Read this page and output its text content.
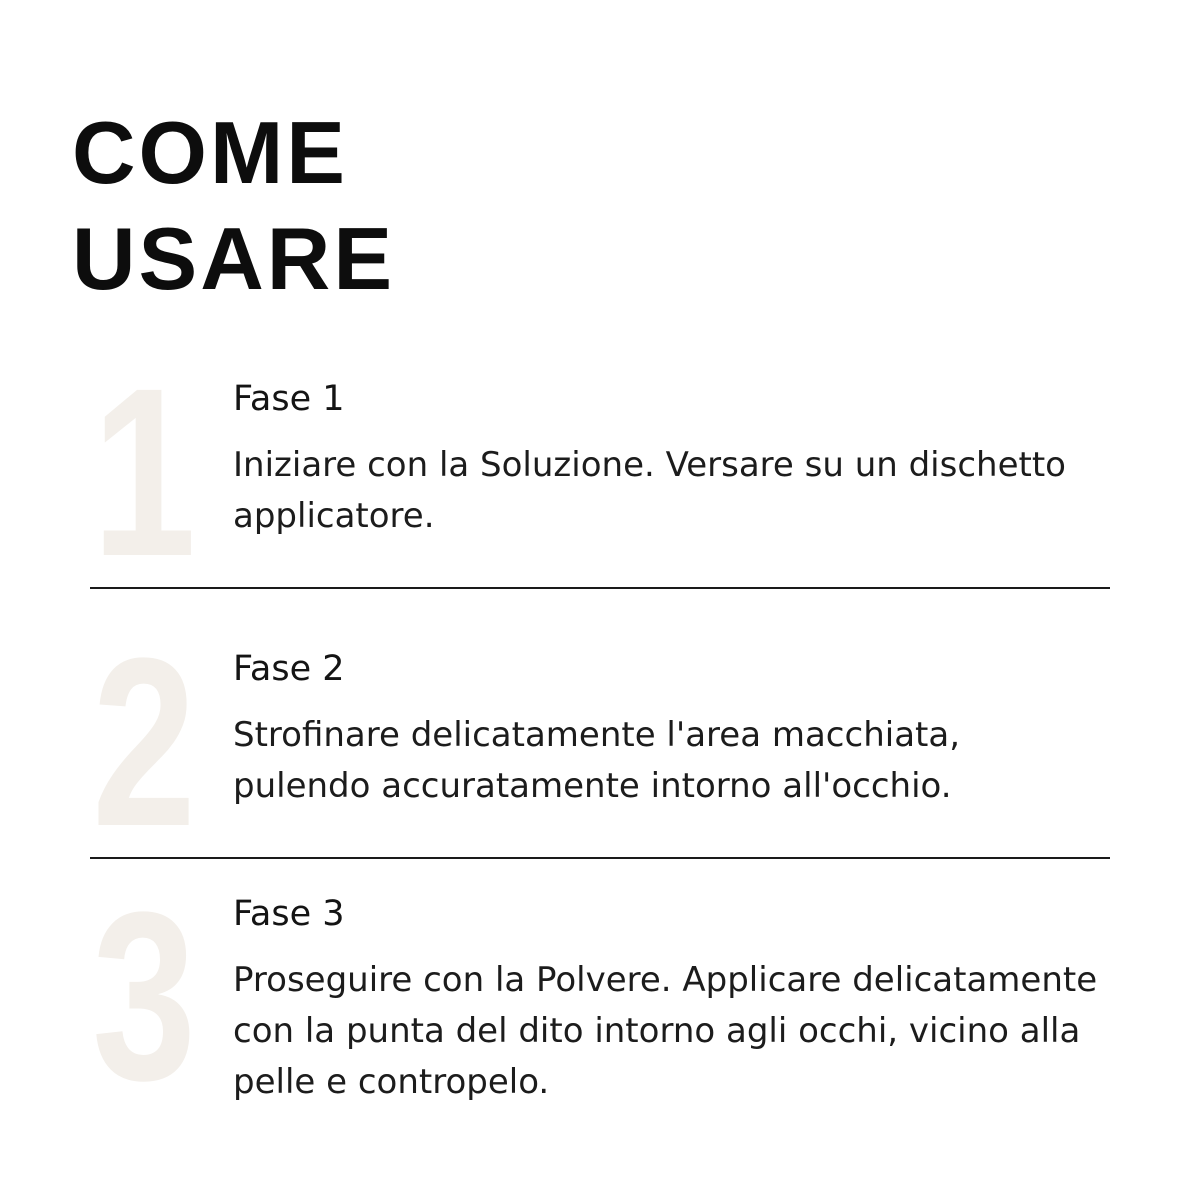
COME
USARE
1 Fase 1

Iniziare con la Soluzione. Versare su un dischetto applicatore.

2 Fase 2

Strofinare delicatamente l'area macchiata, pulendo accuratamente intorno all'occhio.

3 Fase 3

Proseguire con la Polvere. Applicare delicatamente con la punta del dito intorno agli occhi, vicino alla pelle e contropelo.
